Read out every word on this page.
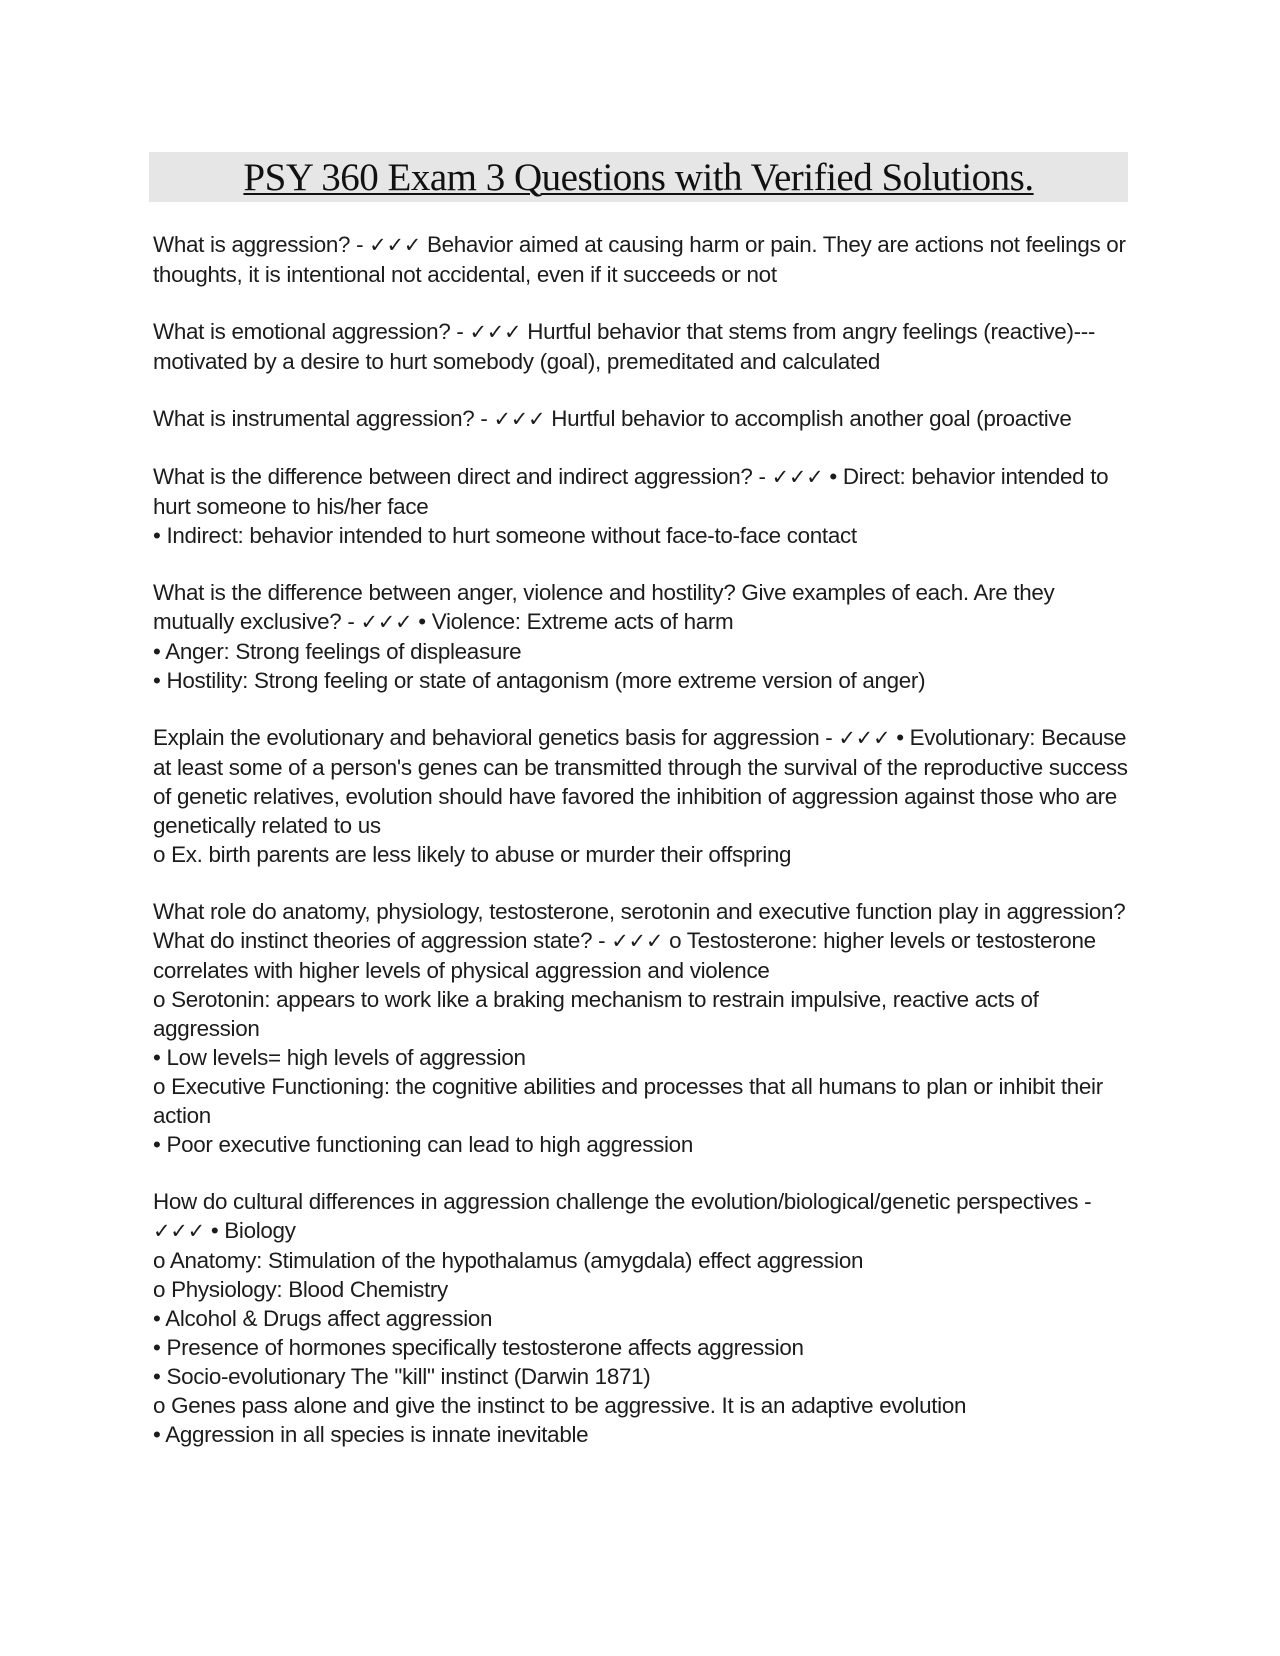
PSY 360 Exam 3 Questions with Verified Solutions.
What is aggression? - ✓✓✓ Behavior aimed at causing harm or pain. They are actions not feelings or thoughts, it is intentional not accidental, even if it succeeds or not
What is emotional aggression? - ✓✓✓ Hurtful behavior that stems from angry feelings (reactive)--- motivated by a desire to hurt somebody (goal), premeditated and calculated
What is instrumental aggression? - ✓✓✓ Hurtful behavior to accomplish another goal (proactive
What is the difference between direct and indirect aggression? - ✓✓✓ • Direct: behavior intended to hurt someone to his/her face
• Indirect: behavior intended to hurt someone without face-to-face contact
What is the difference between anger, violence and hostility? Give examples of each. Are they mutually exclusive? - ✓✓✓ • Violence: Extreme acts of harm
• Anger: Strong feelings of displeasure
• Hostility: Strong feeling or state of antagonism (more extreme version of anger)
Explain the evolutionary and behavioral genetics basis for aggression - ✓✓✓ • Evolutionary: Because at least some of a person's genes can be transmitted through the survival of the reproductive success of genetic relatives, evolution should have favored the inhibition of aggression against those who are genetically related to us
o Ex. birth parents are less likely to abuse or murder their offspring
What role do anatomy, physiology, testosterone, serotonin and executive function play in aggression? What do instinct theories of aggression state? - ✓✓✓ o Testosterone: higher levels or testosterone correlates with higher levels of physical aggression and violence
o Serotonin: appears to work like a braking mechanism to restrain impulsive, reactive acts of aggression
• Low levels= high levels of aggression
o Executive Functioning: the cognitive abilities and processes that all humans to plan or inhibit their action
• Poor executive functioning can lead to high aggression
How do cultural differences in aggression challenge the evolution/biological/genetic perspectives - ✓✓✓ • Biology
o Anatomy: Stimulation of the hypothalamus (amygdala) effect aggression
o Physiology: Blood Chemistry
• Alcohol & Drugs affect aggression
• Presence of hormones specifically testosterone affects aggression
• Socio-evolutionary The "kill" instinct (Darwin 1871)
o Genes pass alone and give the instinct to be aggressive. It is an adaptive evolution
• Aggression in all species is innate inevitable
